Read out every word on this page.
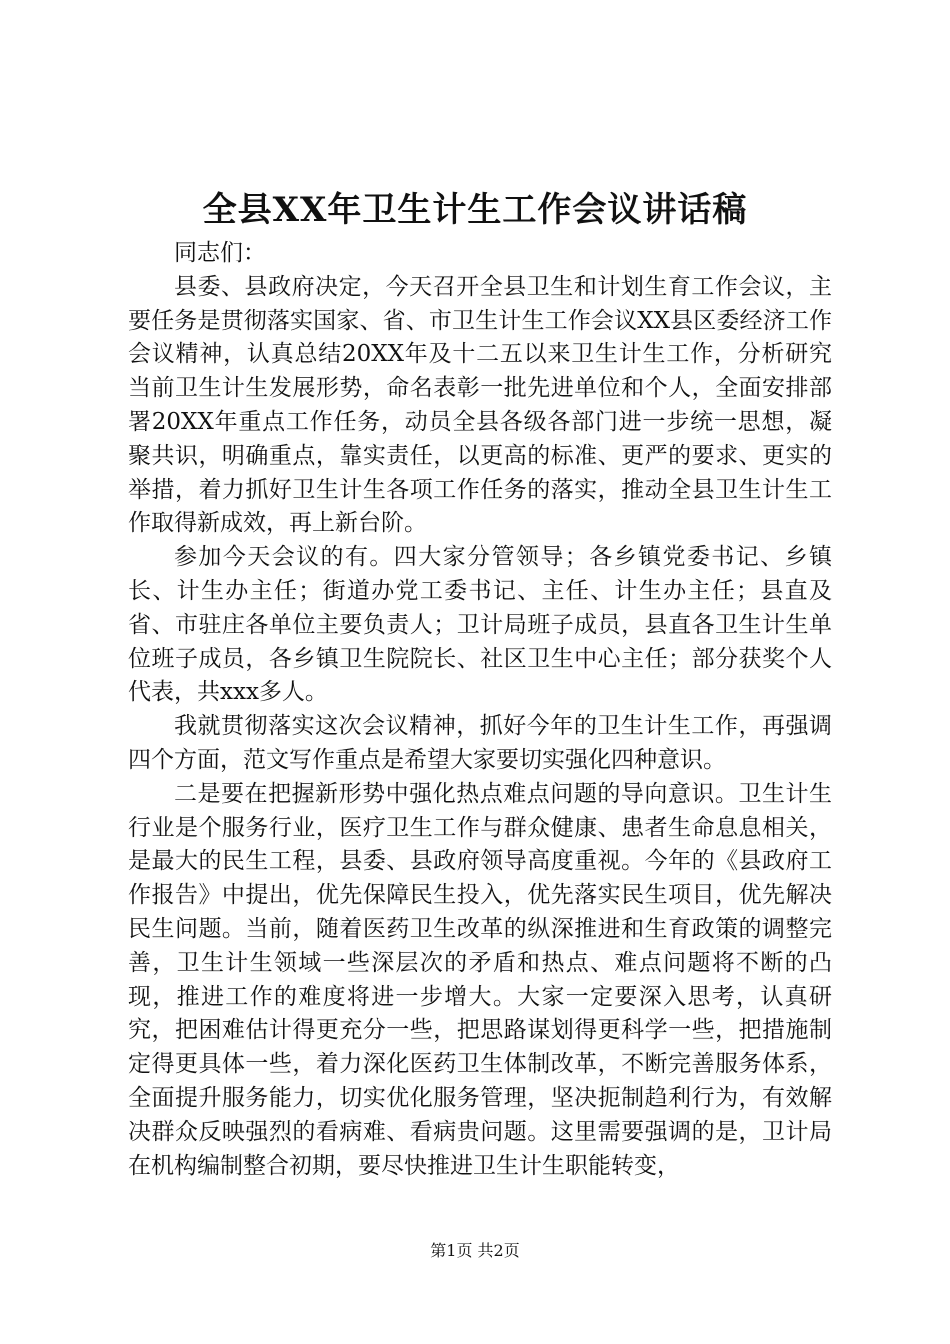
全县XX年卫生计生工作会议讲话稿

同志们：

县委、县政府决定，今天召开全县卫生和计划生育工作会议，主要任务是贯彻落实国家、省、市卫生计生工作会议XX县区委经济工作会议精神，认真总结20XX年及十二五以来卫生计生工作，分析研究当前卫生计生发展形势，命名表彰一批先进单位和个人，全面安排部署20XX年重点工作任务，动员全县各级各部门进一步统一思想，凝聚共识，明确重点，靠实责任，以更高的标准、更严的要求、更实的举措，着力抓好卫生计生各项工作任务的落实，推动全县卫生计生工作取得新成效，再上新台阶。

参加今天会议的有。四大家分管领导；各乡镇党委书记、乡镇长、计生办主任；街道办党工委书记、主任、计生办主任；县直及省、市驻庄各单位主要负责人；卫计局班子成员，县直各卫生计生单位班子成员，各乡镇卫生院院长、社区卫生中心主任；部分获奖个人代表，共xxx多人。

我就贯彻落实这次会议精神，抓好今年的卫生计生工作，再强调四个方面，范文写作重点是希望大家要切实强化四种意识。

二是要在把握新形势中强化热点难点问题的导向意识。卫生计生行业是个服务行业，医疗卫生工作与群众健康、患者生命息息相关，是最大的民生工程，县委、县政府领导高度重视。今年的《县政府工作报告》中提出，优先保障民生投入，优先落实民生项目，优先解决民生问题。当前，随着医药卫生改革的纵深推进和生育政策的调整完善，卫生计生领域一些深层次的矛盾和热点、难点问题将不断的凸现，推进工作的难度将进一步增大。大家一定要深入思考，认真研究，把困难估计得更充分一些，把思路谋划得更科学一些，把措施制定得更具体一些，着力深化医药卫生体制改革，不断完善服务体系，全面提升服务能力，切实优化服务管理，坚决扼制趋利行为，有效解决群众反映强烈的看病难、看病贵问题。这里需要强调的是，卫计局在机构编制整合初期，要尽快推进卫生计生职能转变，

第1页 共2页
